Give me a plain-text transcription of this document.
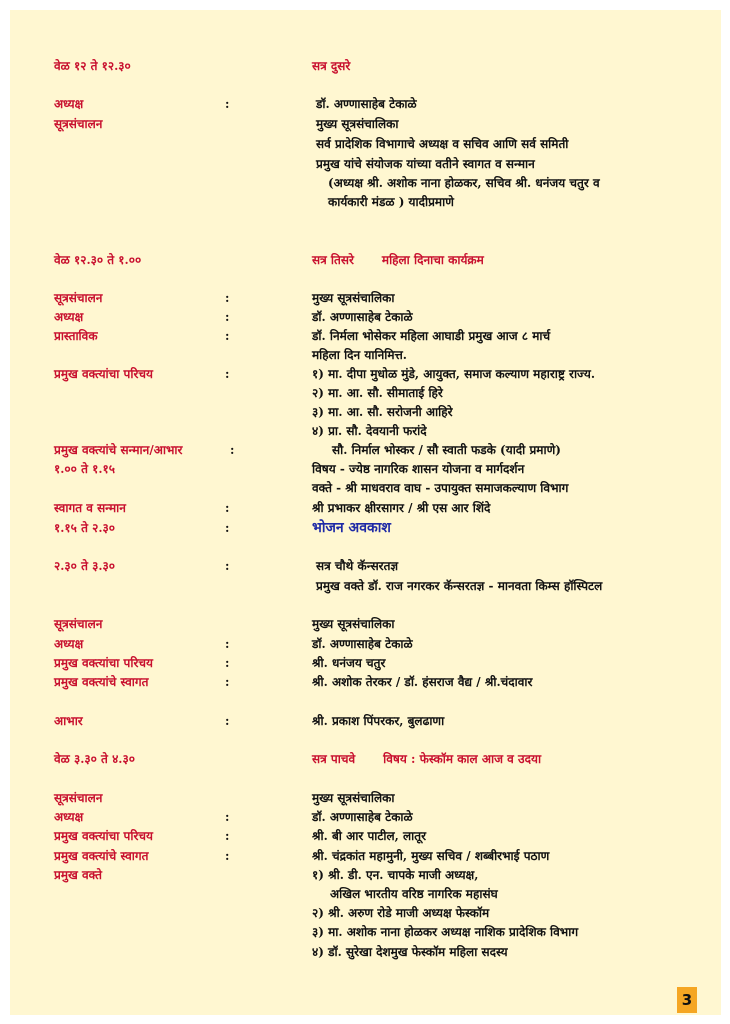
वेळ १२ ते १२.३०	सत्र दुसरे
अध्यक्ष	:	डॉ. अण्णासाहेब टेकाळे
सूत्रसंचालन	मुख्य सूत्रसंचालिका
सर्व प्रादेशिक विभागाचे अध्यक्ष व सचिव आणि सर्व समिती
प्रमुख यांचे संयोजक यांच्या वतीने स्वागत व सन्मान
(अध्यक्ष श्री. अशोक नाना होळकर, सचिव श्री. धनंजय चतुर व
कार्यकारी मंडळ ) यादीप्रमाणे
वेळ १२.३० ते १.००	सत्र तिसरे महिला दिनाचा कार्यक्रम
सूत्रसंचालन	:	मुख्य सूत्रसंचालिका
अध्यक्ष	:	डॉ. अण्णासाहेब टेकाळे
प्रास्ताविक	:	डॉ. निर्मला भोसेकर महिला आघाडी प्रमुख आज ८ मार्च
महिला दिन यानिमित्त.
प्रमुख वक्त्यांचा परिचय	:	१) मा. दीपा मुधोळ मुंडे, आयुक्त, समाज कल्याण महाराष्ट्र राज्य.
२) मा. आ. सौ. सीमाताई हिरे
३) मा. आ. सौ. सरोजनी आहिरे
४) प्रा. सौ. देवयानी फरांदे
प्रमुख वक्त्यांचे सन्मान/आभार	:	सौ. निर्माल भोस्कर / सौ स्वाती फडके (यादी प्रमाणे)
१.०० ते १.१५	विषय - ज्येष्ठ नागरिक शासन योजना व मार्गदर्शन
वक्ते - श्री माधवराव वाघ - उपायुक्त समाजकल्याण विभाग
स्वागत व सन्मान	:	श्री प्रभाकर क्षीरसागर / श्री एस आर शिंदे
१.१५ ते २.३०	:	भोजन अवकाश
२.३० ते ३.३०	:	सत्र चौथे कॅन्सरतज्ञ
प्रमुख वक्ते डॉ. राज नगरकर कॅन्सरतज्ञ - मानवता किम्स हॉस्पिटल
सूत्रसंचालन	मुख्य सूत्रसंचालिका
अध्यक्ष	:	डॉ. अण्णासाहेब टेकाळे
प्रमुख वक्त्यांचा परिचय	:	श्री. धनंजय चतुर
प्रमुख वक्त्यांचे स्वागत	:	श्री. अशोक तेरकर / डॉ. हंसराज वैद्य / श्री.चंदावार
आभार	:	श्री. प्रकाश पिंपरकर, बुलढाणा
वेळ ३.३० ते ४.३०	सत्र पाचवे विषय : फेस्कॉम काल आज व उदया
सूत्रसंचालन	मुख्य सूत्रसंचालिका
अध्यक्ष	:	डॉ. अण्णासाहेब टेकाळे
प्रमुख वक्त्यांचा परिचय	:	श्री. बी आर पाटील, लातूर
प्रमुख वक्त्यांचे स्वागत	:	श्री. चंद्रकांत महामुनी, मुख्य सचिव / शब्बीरभाई पठाण
प्रमुख वक्ते	१) श्री. डी. एन. चापके माजी अध्यक्ष,
अखिल भारतीय वरिष्ठ नागरिक महासंघ
२) श्री. अरुण रोडे माजी अध्यक्ष फेस्कॉम
३) मा. अशोक नाना होळकर अध्यक्ष नाशिक प्रादेशिक विभाग
४) डॉ. सुरेखा देशमुख फेस्कॉम महिला सदस्य
3
